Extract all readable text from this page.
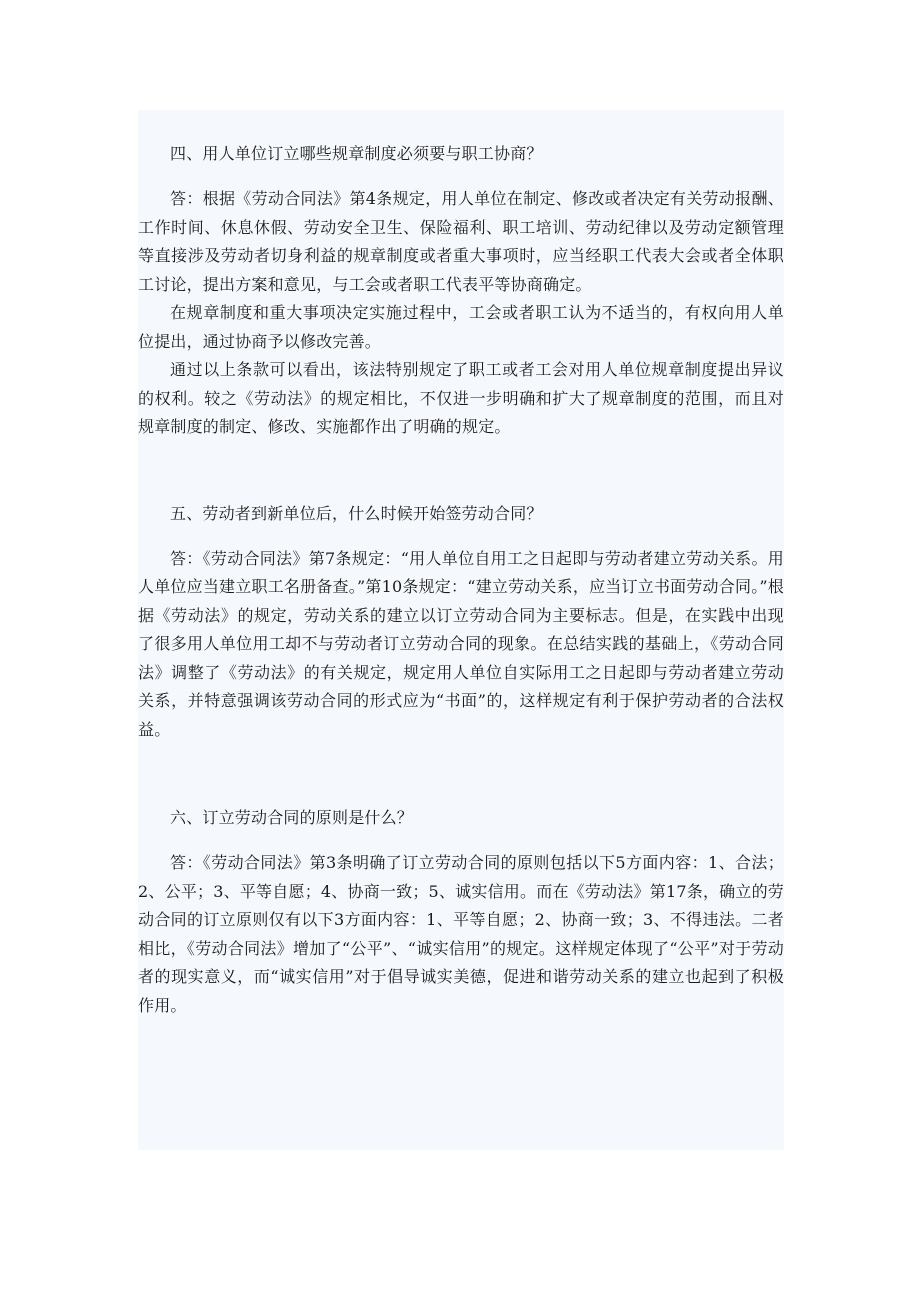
四、用人单位订立哪些规章制度必须要与职工协商？

答：根据《劳动合同法》第4条规定，用人单位在制定、修改或者决定有关劳动报酬、工作时间、休息休假、劳动安全卫生、保险福利、职工培训、劳动纪律以及劳动定额管理等直接涉及劳动者切身利益的规章制度或者重大事项时，应当经职工代表大会或者全体职工讨论，提出方案和意见，与工会或者职工代表平等协商确定。

在规章制度和重大事项决定实施过程中，工会或者职工认为不适当的，有权向用人单位提出，通过协商予以修改完善。

通过以上条款可以看出，该法特别规定了职工或者工会对用人单位规章制度提出异议的权利。较之《劳动法》的规定相比，不仅进一步明确和扩大了规章制度的范围，而且对规章制度的制定、修改、实施都作出了明确的规定。

五、劳动者到新单位后，什么时候开始签劳动合同？

答：《劳动合同法》第7条规定：“用人单位自用工之日起即与劳动者建立劳动关系。用人单位应当建立职工名册备查。”第10条规定：“建立劳动关系，应当订立书面劳动合同。”根据《劳动法》的规定，劳动关系的建立以订立劳动合同为主要标志。但是，在实践中出现了很多用人单位用工却不与劳动者订立劳动合同的现象。在总结实践的基础上，《劳动合同法》调整了《劳动法》的有关规定，规定用人单位自实际用工之日起即与劳动者建立劳动关系，并特意强调该劳动合同的形式应为“书面”的，这样规定有利于保护劳动者的合法权益。

六、订立劳动合同的原则是什么？

答：《劳动合同法》第3条明确了订立劳动合同的原则包括以下5方面内容：1、合法；2、公平；3、平等自愿；4、协商一致；5、诚实信用。而在《劳动法》第17条，确立的劳动合同的订立原则仅有以下3方面内容：1、平等自愿；2、协商一致；3、不得违法。二者相比，《劳动合同法》增加了“公平”、“诚实信用”的规定。这样规定体现了“公平”对于劳动者的现实意义，而“诚实信用”对于倡导诚实美德，促进和谐劳动关系的建立也起到了积极作用。
